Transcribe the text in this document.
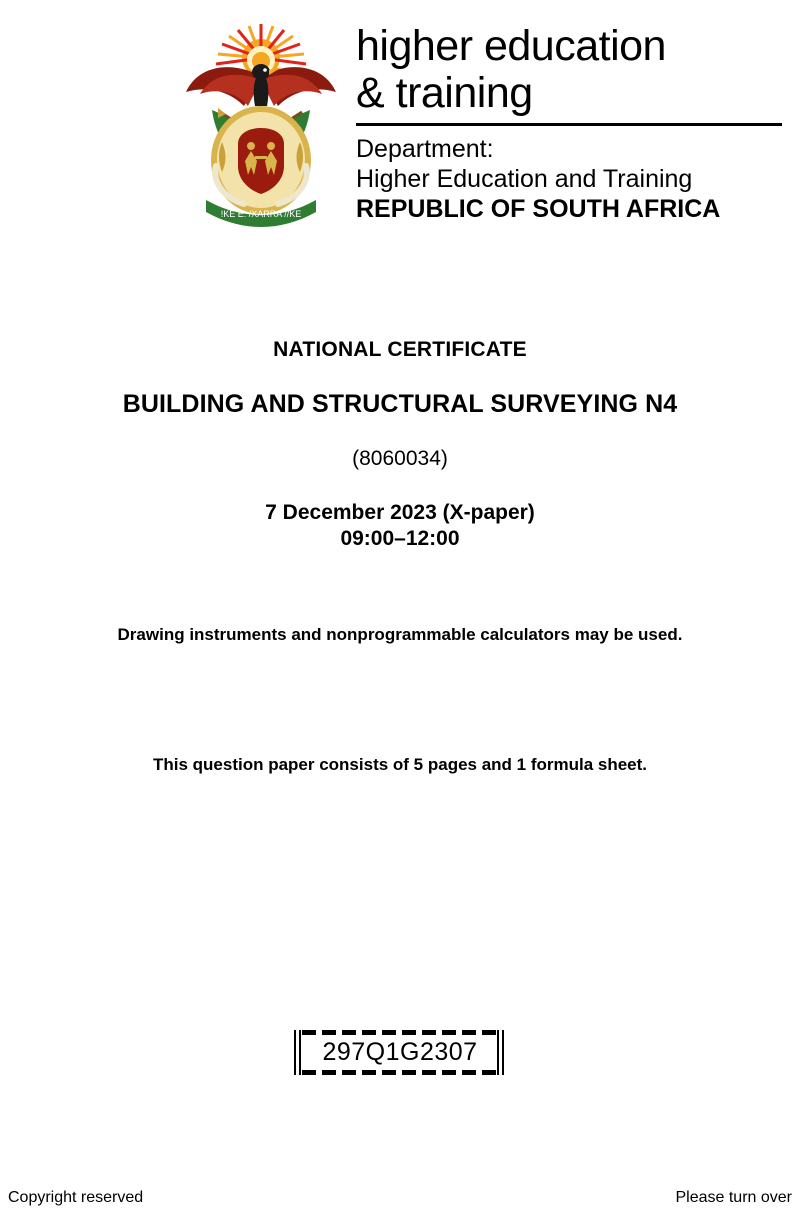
!KE E: /XARRA //KE
higher education
& training
Department:
Higher Education and Training
REPUBLIC OF SOUTH AFRICA
NATIONAL CERTIFICATE
BUILDING AND STRUCTURAL SURVEYING N4
(8060034)
7 December 2023 (X-paper)
09:00–12:00
Drawing instruments and nonprogrammable calculators may be used.
This question paper consists of 5 pages and 1 formula sheet.
297Q1G2307
Copyright reserved	Please turn over
